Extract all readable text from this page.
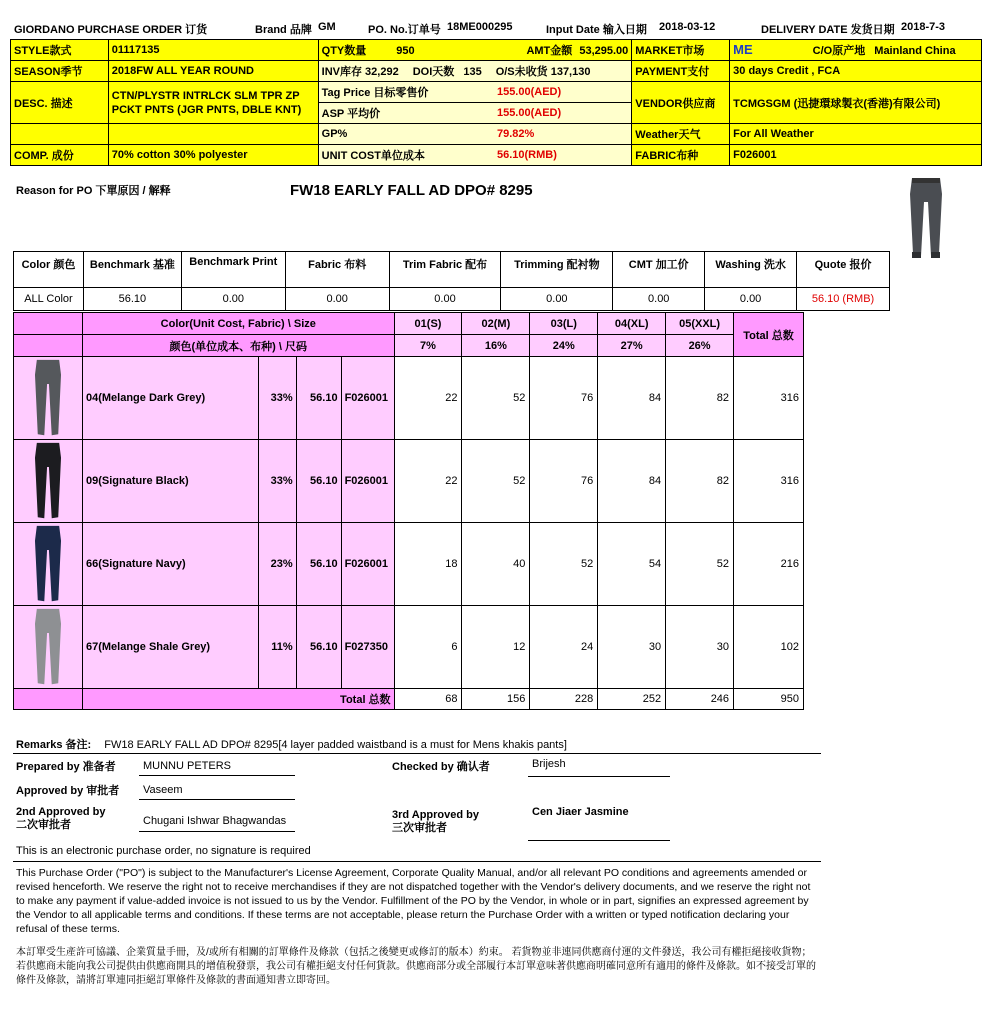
GIORDANO PURCHASE ORDER 订货	Brand 品牌 GM	PO. No.订单号 18ME000295	Input Date 输入日期 2018-03-12	DELIVERY DATE 发货日期 2018-7-3
STYLE款式	01117135	QTY数量 950	AMT金额 53,295.00		MARKET市场	ME C/O原产地 Mainland China
SEASON季节	2018FW ALL YEAR ROUND	INV库存 32,292 DOI天数 135 O/S未收货 137,130			PAYMENT支付	30 days Credit , FCA
DESC. 描述	CTN/PLYSTR INTRLCK SLM TPR ZP
PCKT PNTS (JGR PNTS, DBLE KNT)	Tag Price 目标零售价		155.00(AED)	VENDOR供应商	TCMGSGM (迅捷環球製衣(香港)有限公司)
		ASP 平均价		155.00(AED)		
		GP%		79.82%	Weather天气	For All Weather
COMP. 成份	70% cotton 30% polyester	UNIT COST单位成本		56.10(RMB)	FABRIC布种	F026001
Reason for PO 下單原因 / 解释	FW18 EARLY FALL AD DPO# 8295
Color 颜色	Benchmark 基准	Benchmark Print	Fabric 布料	Trim Fabric 配布	Trimming 配衬物	CMT 加工价	Washing 洗水	Quote 报价
ALL Color	56.10	0.00	0.00	0.00	0.00	0.00	0.00	56.10 (RMB)
	Color(Unit Cost, Fabric) \ Size				01(S)	02(M)	03(L)	04(XL)	05(XXL)	Total 总数
	颜色(单位成本、布种) \ 尺码				7%	16%	24%	27%	26%	

	04(Melange Dark Grey)	33%	56.10	F026001	22	52	76	84	82	316

	09(Signature Black)	33%	56.10	F026001	22	52	76	84	82	316

	66(Signature Navy)	23%	56.10	F026001	18	40	52	54	52	216

	67(Melange Shale Grey)	11%	56.10	F027350	6	12	24	30	30	102
	Total 总数				68	156	228	252	246	950
Remarks 备注: FW18 EARLY FALL AD DPO# 8295[4 layer padded waistband is a must for Mens khakis pants]
Prepared by 准备者	MUNNU PETERS	Checked by 确认者	Brijesh
Approved by 审批者	Vaseem
2nd Approved by
二次审批者	Chugani Ishwar Bhagwandas	3rd Approved by
三次审批者
Cen Jiaer Jasmine
This is an electronic purchase order, no signature is required
This Purchase Order ("PO") is subject to the Manufacturer's License Agreement, Corporate Quality Manual, and/or all relevant PO conditions and agreements amended or revised henceforth. We reserve the right not to receive merchandises if they are not dispatched together with the Vendor's delivery documents, and we reserve the right not to make any payment if value-added invoice is not issued to us by the Vendor. Fulfillment of the PO by the Vendor, in whole or in part, signifies an expressed agreement by the Vendor to all applicable terms and conditions. If these terms are not acceptable, please return the Purchase Order with a written or typed notification declaring your refusal of these terms.
本訂單受生產許可協議、企業質量手冊，及/或所有相關的訂單條件及條款（包括之後變更或修訂的版本）約束。 若貨物並非連同供應商付運的文件發送，我公司有權拒絕接收貨物；若供應商未能向我公司提供由供應商開具的增值稅發票，我公司有權拒絕支付任何貨款。供應商部分或全部履行本訂單意味著供應商明確同意所有適用的條件及條款。如不接受訂單的條件及條款，請將訂單連同拒絕訂單條件及條款的書面通知書立即寄回。
